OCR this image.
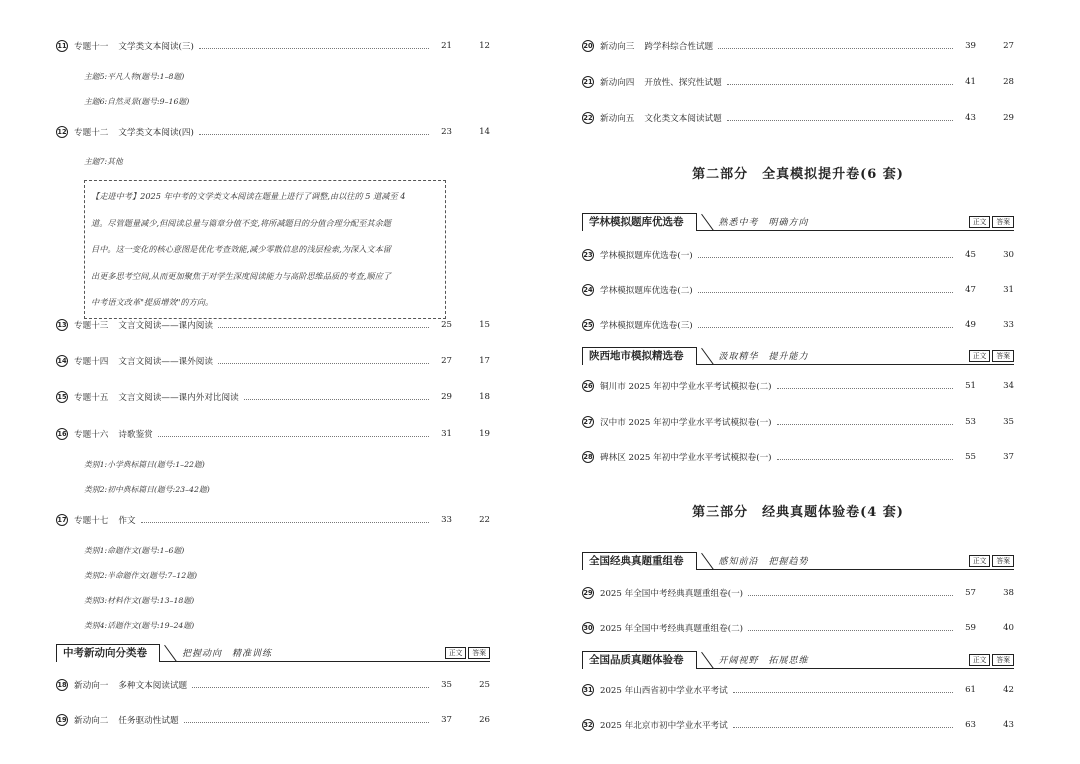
11 专题十一 文学类文本阅读(三)	21	12
主题5:平凡人物(题号:1–8题)
主题6:自然灵景(题号:9–16题)
12 专题十二 文学类文本阅读(四)	23	14
主题7:其他
【走进中考】2025 年中考的文学类文本阅读在题量上进行了调整,由以往的 5 道减至 4
道。尽管题量减少,但阅读总量与篇章分值不变,将所减题目的分值合理分配至其余题
目中。这一变化的核心意图是优化考查效能,减少零散信息的浅层检索,为深入文本留
出更多思考空间,从而更加聚焦于对学生深度阅读能力与高阶思维品质的考查,顺应了
中考语文改革"提质增效"的方向。
13 专题十三 文言文阅读——课内阅读	25	15
14 专题十四 文言文阅读——课外阅读	27	17
15 专题十五 文言文阅读——课内外对比阅读	29	18
16 专题十六 诗歌鉴赏	31	19
类别1:小学典标篇目(题号:1–22题)
类别2:初中典标篇目(题号:23–42题)
17 专题十七 作文	33	22
类别1:命题作文(题号:1–6题)
类别2:半命题作文(题号:7–12题)
类别3:材料作文(题号:13–18题)
类别4:话题作文(题号:19–24题)
中考新动向分类卷	把握动向　精准训练	正文	答案
18 新动向一 多种文本阅读试题	35	25
19 新动向二 任务驱动性试题	37	26
20 新动向三 跨学科综合性试题	39	27
21 新动向四 开放性、探究性试题	41	28
22 新动向五 文化类文本阅读试题	43	29
第二部分　全真模拟提升卷(6 套)
学林模拟题库优选卷	熟悉中考　明确方向	正文	答案
23 学林模拟题库优选卷(一)	45	30
24 学林模拟题库优选卷(二)	47	31
25 学林模拟题库优选卷(三)	49	33
陕西地市模拟精选卷	汲取精华　提升能力	正文	答案
26 铜川市 2025 年初中学业水平考试模拟卷(二)	51	34
27 汉中市 2025 年初中学业水平考试模拟卷(一)	53	35
28 碑林区 2025 年初中学业水平考试模拟卷(一)	55	37
第三部分　经典真题体验卷(4 套)
全国经典真题重组卷	感知前沿　把握趋势	正文	答案
29 2025 年全国中考经典真题重组卷(一)	57	38
30 2025 年全国中考经典真题重组卷(二)	59	40
全国品质真题体验卷	开阔视野　拓展思维	正文	答案
31 2025 年山西省初中学业水平考试	61	42
32 2025 年北京市初中学业水平考试	63	43
